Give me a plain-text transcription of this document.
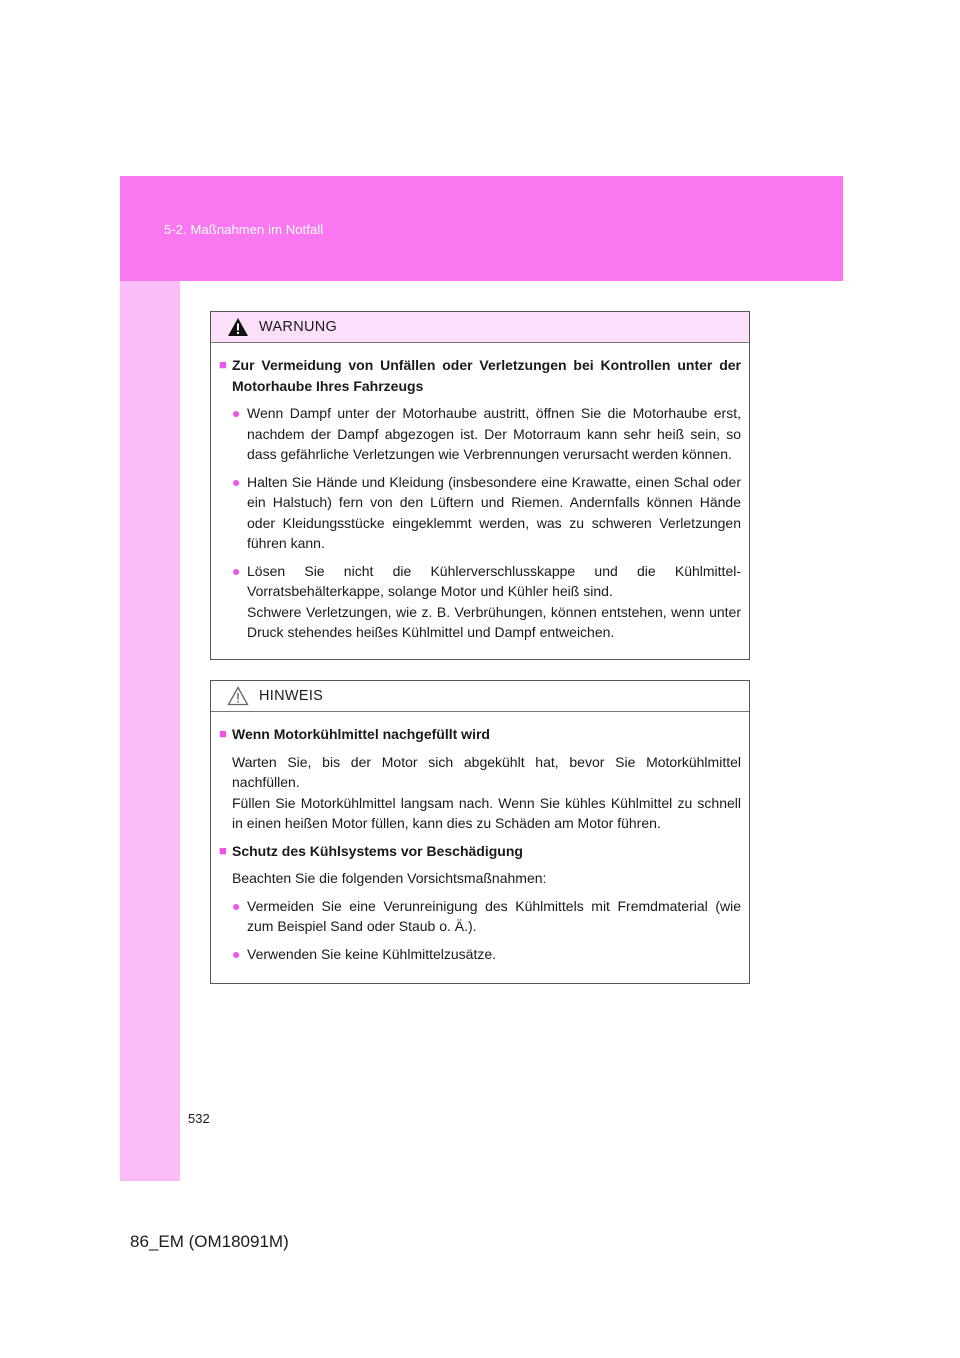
5-2. Maßnahmen im Notfall
WARNUNG
■ Zur Vermeidung von Unfällen oder Verletzungen bei Kontrollen unter der Motorhaube Ihres Fahrzeugs
● Wenn Dampf unter der Motorhaube austritt, öffnen Sie die Motorhaube erst, nachdem der Dampf abgezogen ist. Der Motorraum kann sehr heiß sein, so dass gefährliche Verletzungen wie Verbrennungen verursacht werden können.
● Halten Sie Hände und Kleidung (insbesondere eine Krawatte, einen Schal oder ein Halstuch) fern von den Lüftern und Riemen. Andernfalls können Hände oder Kleidungsstücke eingeklemmt werden, was zu schweren Verletzungen führen kann.
● Lösen Sie nicht die Kühlerverschlusskappe und die Kühlmittel-Vorratsbehälterkappe, solange Motor und Kühler heiß sind.
Schwere Verletzungen, wie z. B. Verbrühungen, können entstehen, wenn unter Druck stehendes heißes Kühlmittel und Dampf entweichen.
HINWEIS
■ Wenn Motorkühlmittel nachgefüllt wird
Warten Sie, bis der Motor sich abgekühlt hat, bevor Sie Motorkühlmittel nachfüllen.
Füllen Sie Motorkühlmittel langsam nach. Wenn Sie kühles Kühlmittel zu schnell in einen heißen Motor füllen, kann dies zu Schäden am Motor führen.
■ Schutz des Kühlsystems vor Beschädigung
Beachten Sie die folgenden Vorsichtsmaßnahmen:
● Vermeiden Sie eine Verunreinigung des Kühlmittels mit Fremdmaterial (wie zum Beispiel Sand oder Staub o. Ä.).
● Verwenden Sie keine Kühlmittelzusätze.
532
86_EM (OM18091M)
